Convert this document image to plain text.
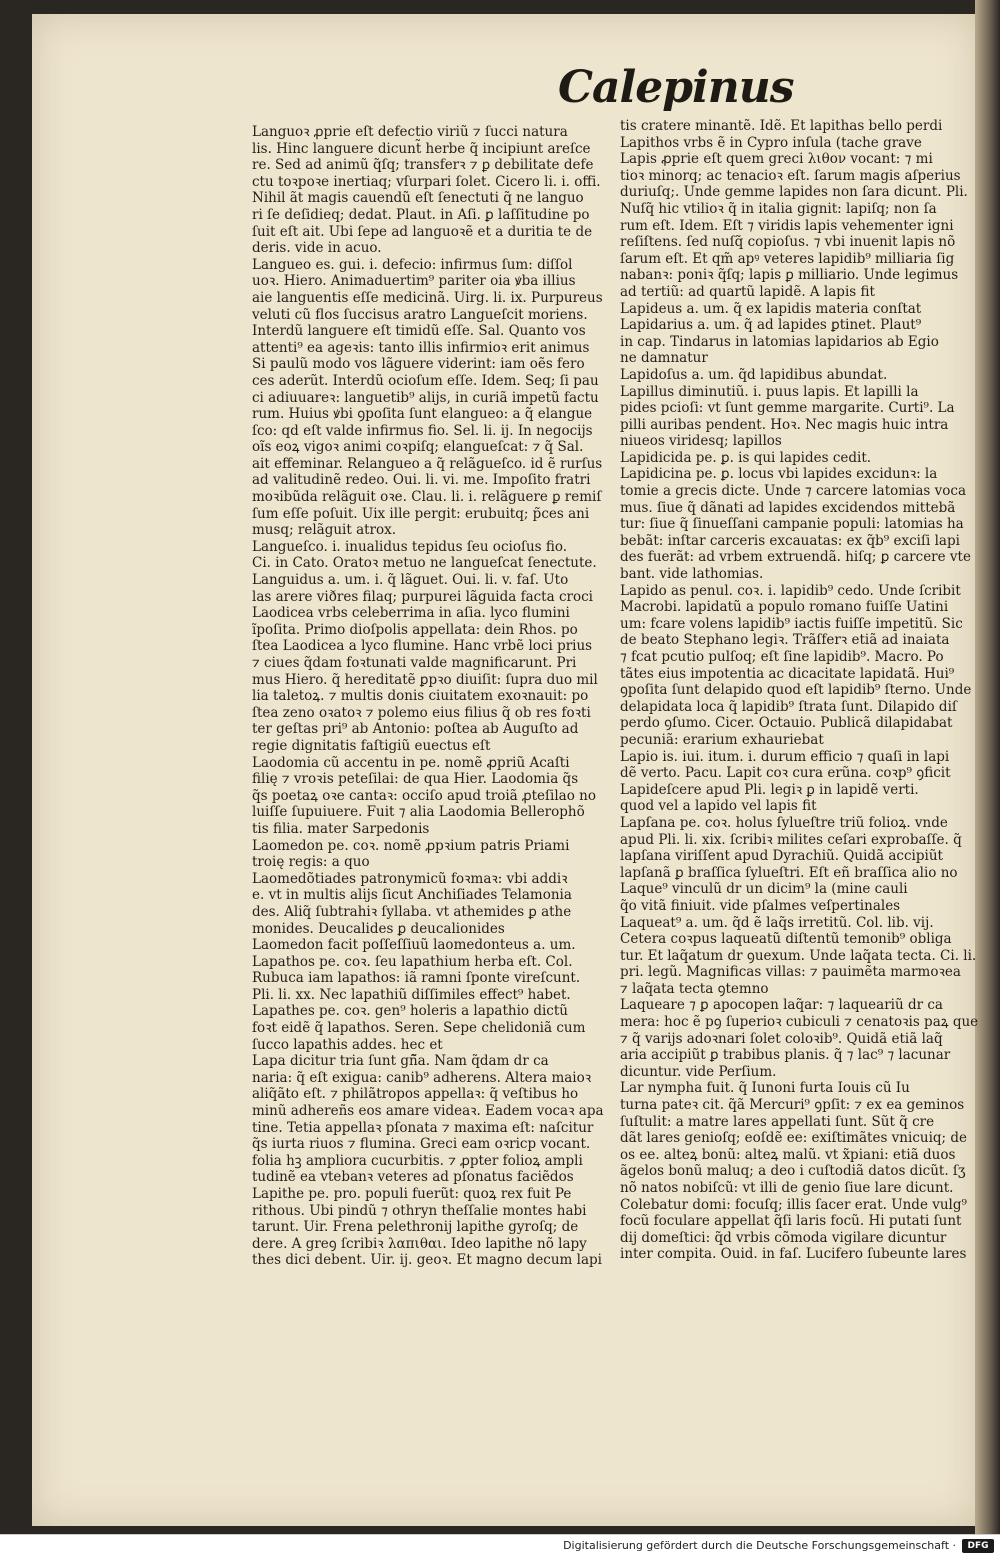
Calepinus
Languoꝛ ꝓprie eſt defectio viriũ ⁊ ſucci natura
lis. Hinc languere dicunt̃ herbe q̃ incipiunt areſce
re. Sed ad animũ q̃ſq; transferꝛ ⁊ ꝑ debilitate defe
ctu toꝛpoꝛe inertiaq; vſurpari ſolet. Cicero li. i. offi.
Nihil ãt magis cauendũ eſt ſenectuti q̃ ne languo
ri ſe deſidieq; dedat. Plaut. in Aſi. ꝑ laſſitudine po
ſuit eſt ait. Ubi ſepe ad languoꝛẽ et a duritia te de
deris. vide in acuo.
Langueo es. gui. i. defecio: infirmus ſum: diſſol
uoꝛ. Hiero. Animaduertim⁹ pariter oia ꝟba illius
aie languentis eſſe medicinã. Uirg. li. ix. Purpureus
veluti cũ flos ſuccisus aratro Langueſcit moriens.
Interdũ languere eſt timidũ eſſe. Sal. Quanto vos
attenti⁹ ea ageꝛis: tanto illis infirmioꝛ erit animus
Si paulũ modo vos lãguere viderint: iam oẽs fero
ces aderũt. Interdũ ocioſum eſſe. Idem. Seq; ſi pau
ci adiuuareꝛ: languetib⁹ alijs, in curiã impetũ factu
rum. Huius ꝟbi ꝯpoſita ſunt elangueo: a q̃ elangue
ſco: qd eſt valde infirmus fio. Sel. li. ij. In negocijs
oĩs eoꝝ vigoꝛ animi coꝛpiſq; elangueſcat: ⁊ q̃ Sal.
ait effeminar. Relangueo a q̃ relãgueſco. id ẽ rurſus
ad valitudinẽ redeo. Oui. li. vi. me. Impoſito fratri
moꝛibũda relãguit oꝛe. Clau. li. i. relãguere ꝑ remiſ
ſum eſſe poſuit. Uix ille pergit: erubuitq; p̃ces ani
musq; relãguit atrox.
Langueſco. i. inualidus tepidus ſeu ocioſus fio.
Ci. in Cato. Oratoꝛ metuo ne langueſcat ſenectute.
Languidus a. um. i. q̃ lãguet. Oui. li. v. faſ. Uto
las arere viðres filaq; purpurei lãguida facta croci
Laodicea vrbs celeberrima in aſia. lyco flumini
ĩpoſita. Primo dioſpolis appellata: dein Rhos. po
ſtea Laodicea a lyco flumine. Hanc vrbẽ loci prius
⁊ ciues q̃dam foꝛtunati valde magnificarunt. Pri
mus Hiero. q̃ hereditatẽ ꝑpꝛo diuiſit: ſupra duo mil
lia taletoꝝ. ⁊ multis donis ciuitatem exoꝛnauit: po
ſtea zeno oꝛatoꝛ ⁊ polemo eius filius q̃ ob res foꝛti
ter geſtas pri⁹ ab Antonio: poſtea ab Auguſto ad
regie dignitatis faſtigiũ euectus eſt
Laodomia cũ accentu in pe. nomẽ ꝓpriũ Acaſti
filię ⁊ vroꝛis peteſilai: de qua Hier. Laodomia q̃s
q̃s poetaꝝ oꝛe cantaꝛ: occiſo apud troiã ꝓteſilao no
luiſſe ſupuiuere. Fuit ⁊ alia Laodomia Bellerophõ
tis filia. mater Sarpedonis
Laomedon pe. coꝛ. nomẽ ꝓpꝛium patris Priami
troię regis: a quo
Laomedõtiades patronymicũ foꝛmaꝛ: vbi addiꝛ
e. vt in multis alijs ſicut Anchiſiades Telamonia
des. Aliq̃ ſubtrahiꝛ ſyllaba. vt athemides ꝑ athe
monides. Deucalides ꝑ deucalionides
Laomedon facit poſſeſſiuũ laomedonteus a. um.
Lapathos pe. coꝛ. ſeu lapathium herba eſt. Col.
Rubuca iam lapathos: iã ramni ſponte vireſcunt.
Pli. li. xx. Nec lapathiũ diſſimiles effect⁹ habet.
Lapathes pe. coꝛ. gen⁹ holeris a lapathio dictũ
foꝛt eidẽ q̃ lapathos. Seren. Sepe chelidoniã cum
ſucco lapathis addes. hec et
Lapa dicitur tria ſunt gñ̃a. Nam q̃dam dr ca
naria: q̃ eſt exigua: canib⁹ adherens. Altera maioꝛ
aliq̃ãto eſt. ⁊ philãtropos appellaꝛ: q̃ veſtibus ho
minũ adhereñs eos amare videaꝛ. Eadem vocaꝛ apa
tine. Tetia appellaꝛ pſonata ⁊ maxima eſt: naſcitur
q̃s iurta riuos ⁊ flumina. Greci eam oꝛricp vocant.
folia hꝫ ampliora cucurbitis. ⁊ ꝓpter folioꝝ ampli
tudinẽ ea vtebanꝛ veteres ad pſonatus faciẽdos
Lapithe pe. pro. populi fuerũt: quoꝝ rex fuit Pe
rithous. Ubi pindũ ⁊ othryn theſſalie montes habi
tarunt. Uir. Frena pelethronij lapithe gyroſq; de
dere. A greꝯ ſcribiꝛ λαπιθαι. Ideo lapithe nõ lapy
thes dici debent. Uir. ij. geoꝛ. Et magno decum lapi
tis cratere minantẽ. Idẽ. Et lapithas bello perdi
Lapithos vrbs ẽ in Cypro inſula (tache grave
Lapis ꝓprie eſt quem greci λιθον vocant: ⁊ mi
tioꝛ minorq; ac tenacioꝛ eſt. ſarum magis aſperius
duriuſq;. Unde gemme lapides non ſara dicunt. Pli.
Nuſq̃ hic vtilioꝛ q̃ in italia gignit: lapiſq; non ſa
rum eſt. Idem. Eſt ⁊ viridis lapis vehementer igni
reſiſtens. ſed nuſq̃ copioſus. ⁊ vbi inuenit lapis nõ
ſarum eſt. Et qm̃ apꝰ veteres lapidib⁹ milliaria ſig
nabanꝛ: poniꝛ q̃ſq; lapis ꝑ milliario. Unde legimus
ad tertiũ: ad quartũ lapidẽ. A lapis fit
Lapideus a. um. q̃ ex lapidis materia conſtat
Lapidarius a. um. q̃ ad lapides ꝑtinet. Plaut⁹
in cap. Tindarus in latomias lapidarios ab Egio
ne damnatur
Lapidoſus a. um. q̃d lapidibus abundat.
Lapillus diminutiũ. i. puus lapis. Et lapilli la
pides pcioſi: vt ſunt gemme margarite. Curti⁹. La
pilli auribas pendent. Hoꝛ. Nec magis huic intra
niueos viridesq; lapillos
Lapidicida pe. ꝑ. is qui lapides cedit.
Lapidicina pe. ꝑ. locus vbi lapides excidunꝛ: la
tomie a grecis dicte. Unde ⁊ carcere latomias voca
mus. ſiue q̃ dãnati ad lapides excidendos mittebã
tur: ſiue q̃ ſinueſſani campanie populi: latomias ha
bebãt: inſtar carceris excauatas: ex q̃b⁹ exciſi lapi
des fuerãt: ad vrbem extruendã. hiſq; ꝑ carcere vte
bant. vide lathomias.
Lapido as penul. coꝛ. i. lapidib⁹ cedo. Unde ſcribit
Macrobi. lapidatũ a populo romano fuiſſe Uatini
um: fcare volens lapidib⁹ iactis fuiſſe impetitũ. Sic
de beato Stephano legiꝛ. Trãſferꝛ etiã ad inaiata
⁊ fcat pcutio pulſoq; eſt ſine lapidib⁹. Macro. Po
tãtes eius impotentia ac dicacitate lapidatã. Hui⁹
ꝯpoſita ſunt delapido quod eſt lapidib⁹ ſterno. Unde
delapidata loca q̃ lapidib⁹ ſtrata ſunt. Dilapido diſ
perdo ꝯſumo. Cicer. Octauio. Publicã dilapidabat
pecuniã: erarium exhauriebat
Lapio is. iui. itum. i. durum efficio ⁊ quaſi in lapi
dẽ verto. Pacu. Lapit coꝛ cura erũna. coꝛp⁹ ꝯficit
Lapideſcere apud Pli. legiꝛ ꝑ in lapidẽ verti.
quod vel a lapido vel lapis fit
Lapſana pe. coꝛ. holus ſylueſtre triũ folioꝝ. vnde
apud Pli. li. xix. ſcribiꝛ milites ceſari exprobaſſe. q̃
lapſana viriſſent apud Dyrachiũ. Quidã accipiũt
lapſanã ꝑ braſſica ſylueſtri. Eſt eñ braſſica alio no
Laque⁹ vinculũ dr un dicim⁹ la (mine cauli
q̃o vitã finiuit. vide pſalmes veſpertinales
Laqueat⁹ a. um. q̃d ẽ laq̃s irretitũ. Col. lib. vij.
Cetera coꝛpus laqueatũ diſtentũ temonib⁹ obliga
tur. Et laq̃atum dr ꝯuexum. Unde laq̃ata tecta. Ci. li.
pri. legũ. Magnificas villas: ⁊ pauimẽta marmoꝛea
⁊ laq̃ata tecta ꝯtemno
Laqueare ⁊ ꝑ apocopen laq̃ar: ⁊ laqueariũ dr ca
mera: hoc ẽ pꝯ ſuperioꝛ cubiculi ⁊ cenatoꝛis paꝝ que
⁊ q̃ varijs adoꝛnari ſolet coloꝛib⁹. Quidã etiã laq̃
aria accipiũt ꝑ trabibus planis. q̃ ⁊ lac⁹ ⁊ lacunar
dicuntur. vide Perſium.
Lar nympha fuit. q̃ Iunoni furta Iouis cũ Iu
turna pateꝛ cit. q̃ã Mercuri⁹ ꝯpſit: ⁊ ex ea geminos
ſuſtulit: a matre lares appellati ſunt. Sũt q̃ cre
dãt lares genioſq; eoſdẽ ee: exiſtimãtes vnicuiq; de
os ee. alteꝝ bonũ: alteꝝ malũ. vt x̃piani: etiã duos
ãgelos bonũ maluq; a deo i cuſtodiã datos dicũt. ſʒ
nõ natos nobiſcũ: vt illi de genio ſiue lare dicunt.
Colebatur domi: focuſq; illis ſacer erat. Unde vulg⁹
focũ foculare appellat q̃ſi laris focũ. Hi putati ſunt
dij domeſtici: q̃d vrbis cõmoda vigilare dicuntur
inter compita. Ouid. in faſ. Lucifero ſubeunte lares
Digitalisierung gefördert durch die Deutsche Forschungsgemeinschaft ·	DFG
